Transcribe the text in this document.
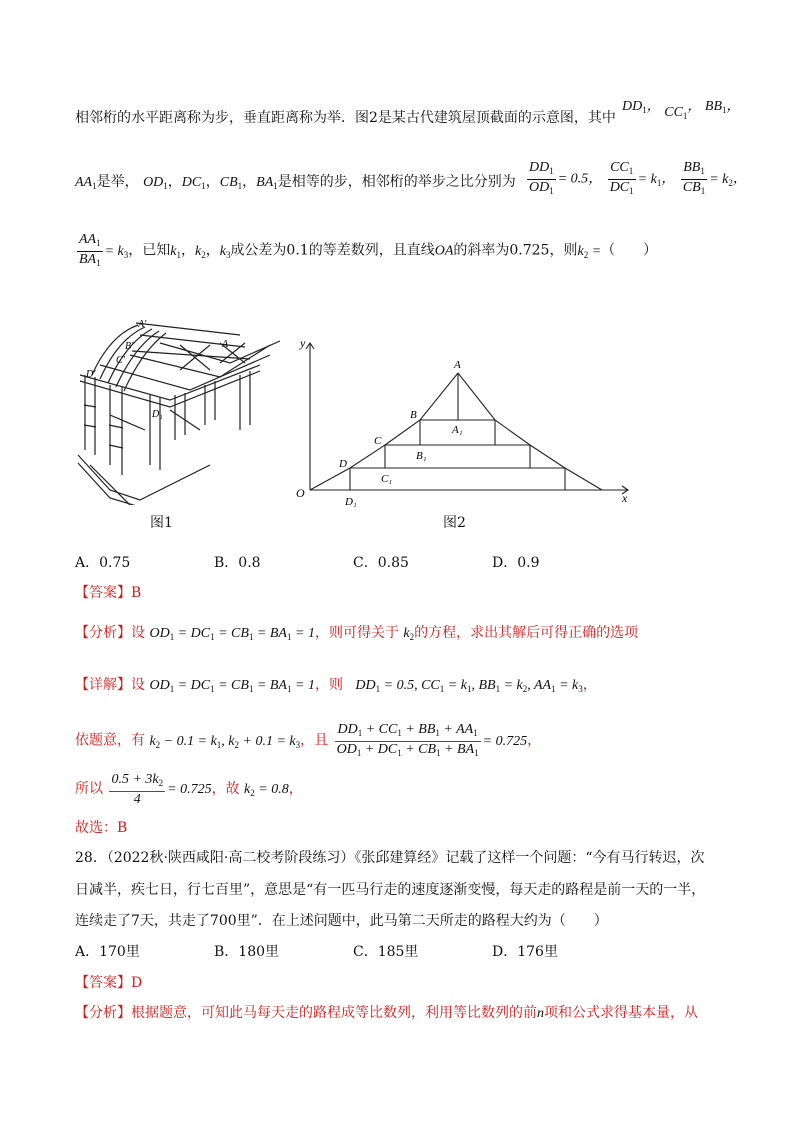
相邻桁的水平距离称为步，垂直距离称为举．图2是某古代建筑屋顶截面的示意图，其中
$DD_1$， $CC_1$， $BB_1$，
$AA_1$是举， $OD_1$，$DC_1$，$CB_1$，$BA_1$是相等的步，相邻桁的举步之比分别为 $\frac{DD_1}{OD_1} = 0.5$， $\frac{CC_1}{DC_1} = k_1$， $\frac{BB_1}{CB_1} = k_2$，
$\frac{AA_1}{BA_1} = k_3$，已知$k_1$，$k_2$，$k_3$成公差为0.1的等差数列，且直线OA的斜率为0.725，则$k_2$ =（　　）
A'
B'
C'
D'
A
D₁
图1
y
x
O
A
B
C
D
A₁
B₁
C₁
D₁
图2
A．0.75	B．0.8	C．0.85	D．0.9
【答案】B
【分析】设 $OD_1 = DC_1 = CB_1 = BA_1 = 1$，则可得关于 $k_2$的方程，求出其解后可得正确的选项
【详解】设 $OD_1 = DC_1 = CB_1 = BA_1 = 1$，则 $DD_1 = 0.5$, $CC_1 = k_1$, $BB_1 = k_2$, $AA_1 = k_3$，
依题意，有 $k_2 - 0.1 = k_1$, $k_2 + 0.1 = k_3$，且 $\frac{DD_1 + CC_1 + BB_1 + AA_1}{OD_1 + DC_1 + CB_1 + BA_1} = 0.725$，
所以 $\frac{0.5 + 3k_2}{4} = 0.725$，故 $k_2 = 0.8$，
故选：B
28．（2022秋·陕西咸阳·高二校考阶段练习）《张邱建算经》记载了这样一个问题：“今有马行转迟，次
日减半，疾七日，行七百里”，意思是“有一匹马行走的速度逐渐变慢，每天走的路程是前一天的一半，
连续走了7天，共走了700里”．在上述问题中，此马第二天所走的路程大约为（　　）
A．170里	B．180里	C．185里	D．176里
【答案】D
【分析】根据题意，可知此马每天走的路程成等比数列，利用等比数列的前n项和公式求得基本量，从
